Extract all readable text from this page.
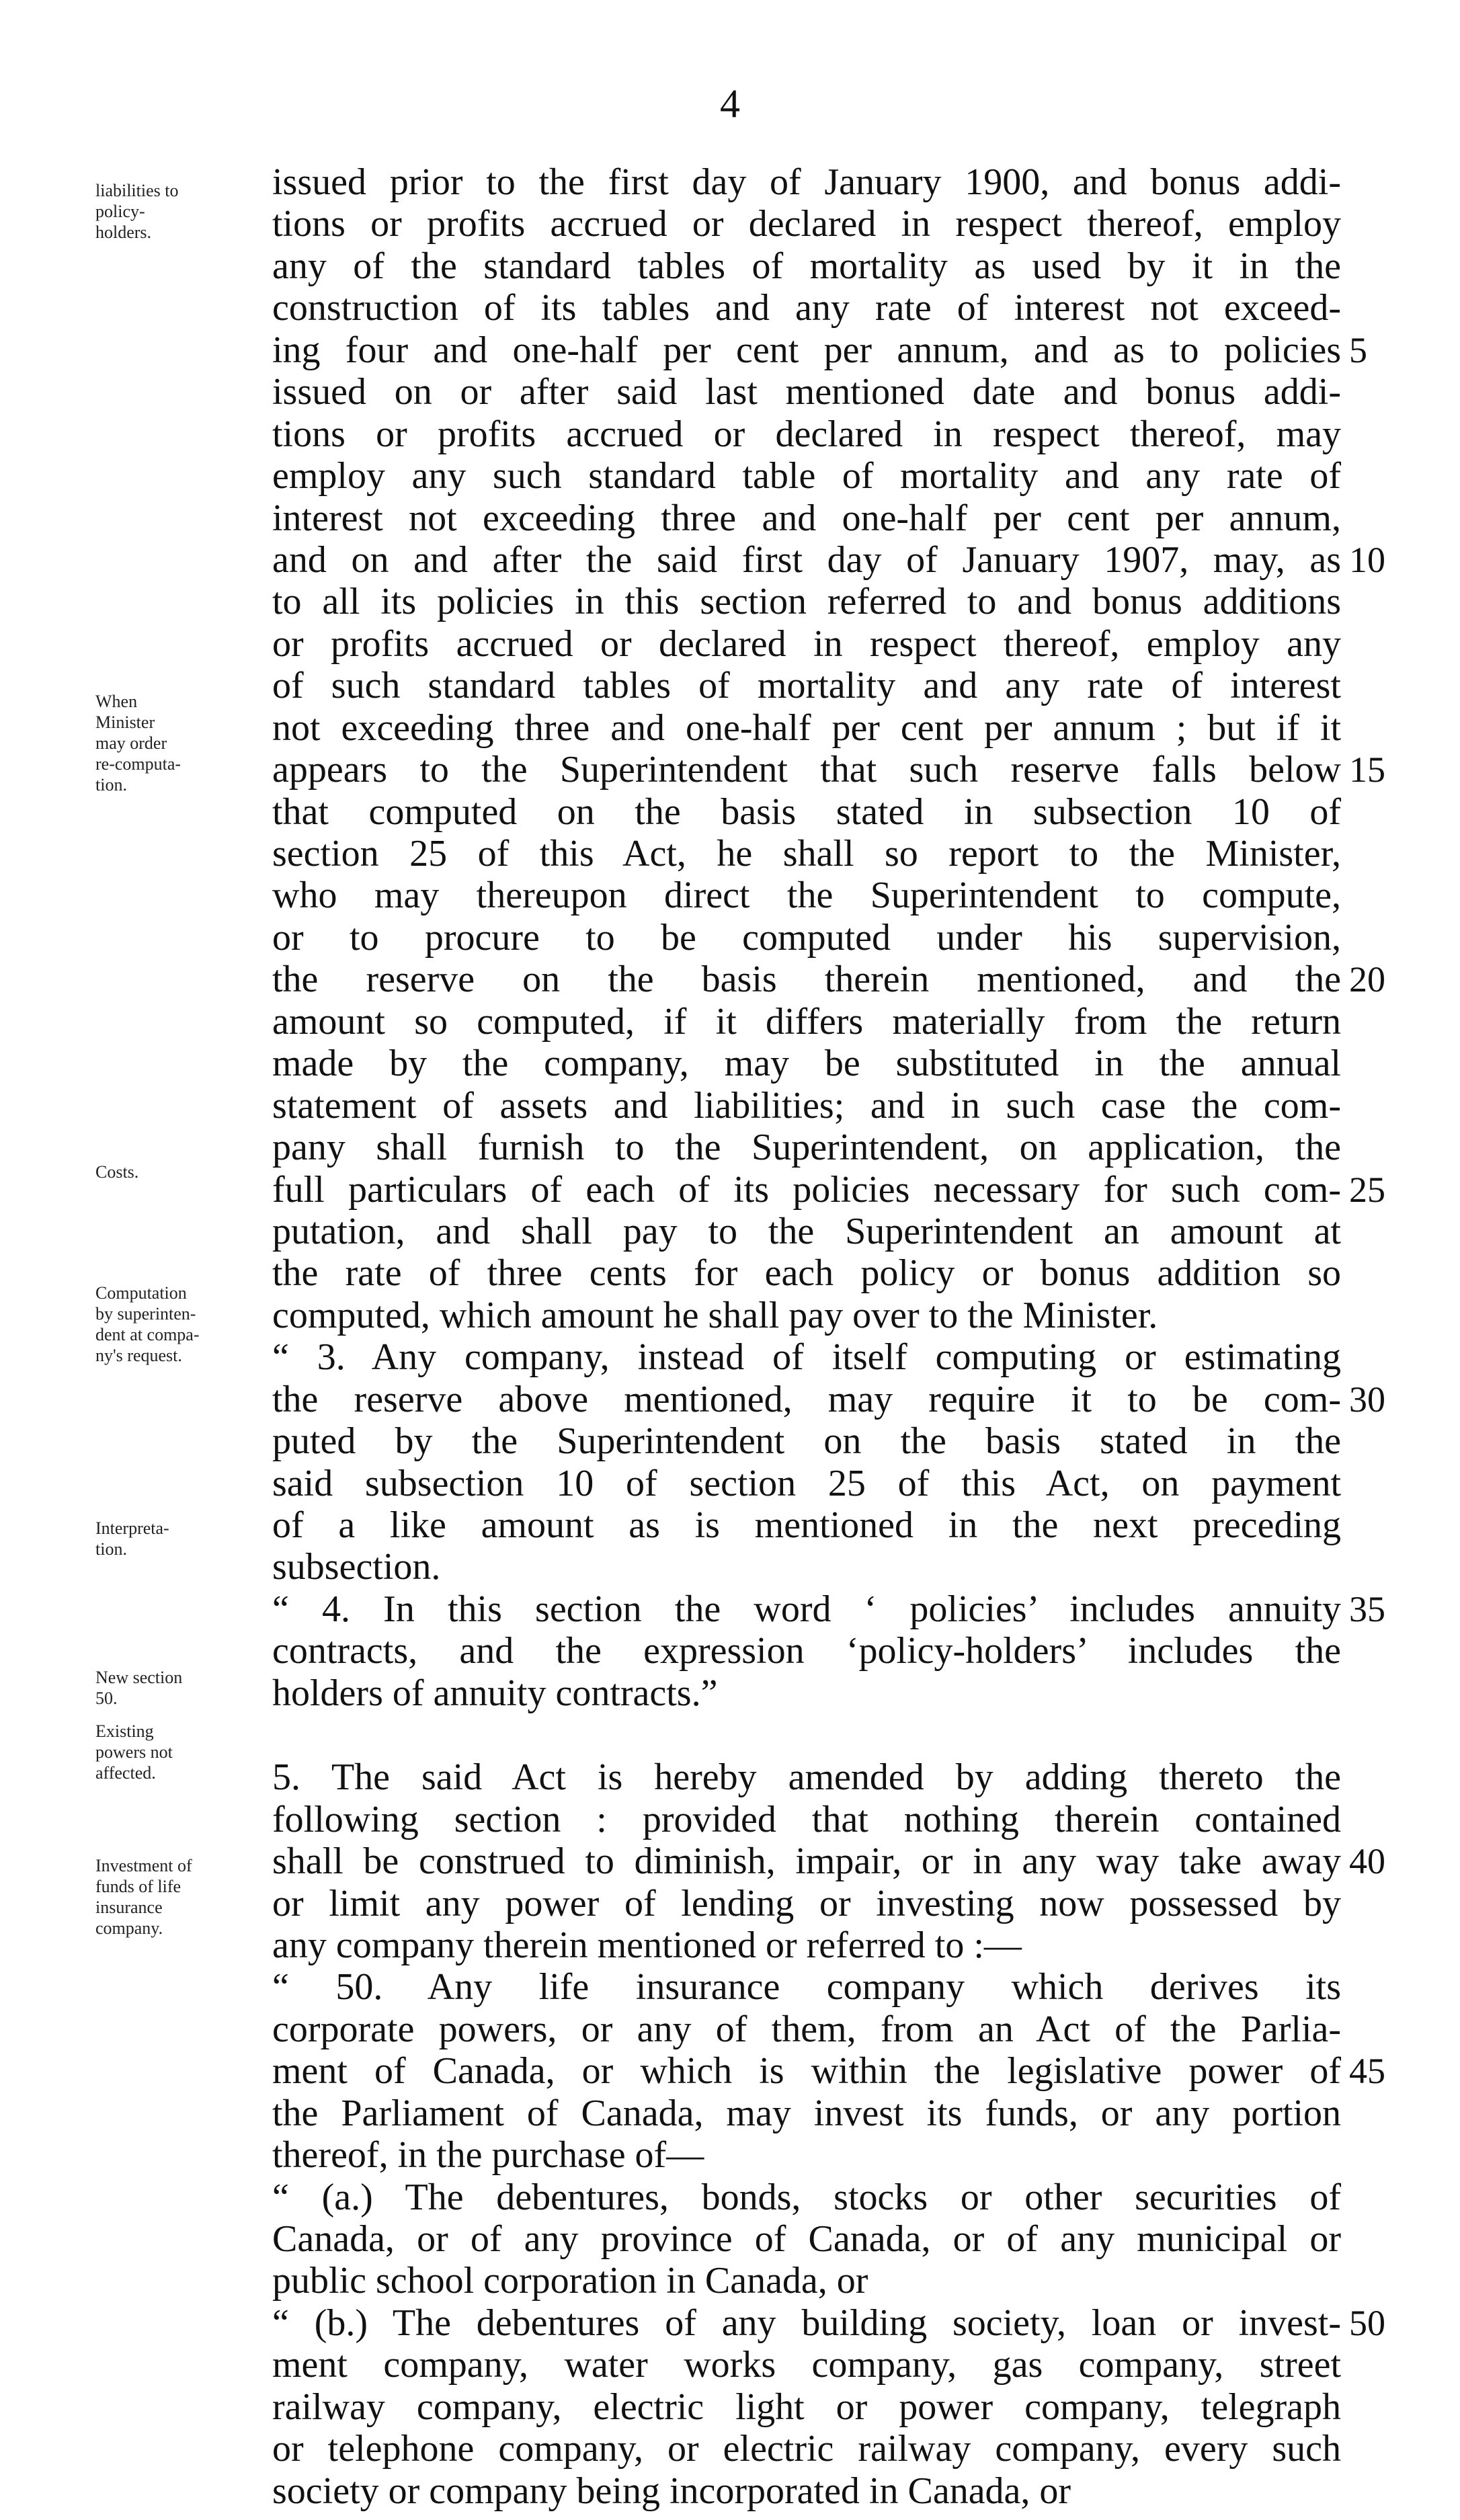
4
liabilities to
policy-
holders.
When
Minister
may order
re-computa-
tion.
Costs.
Computation
by superinten-
dent at compa-
ny's request.
Interpreta-
tion.
New section
50.
Existing
powers not
affected.
Investment of
funds of life
insurance
company.
issued prior to the first day of January 1900, and bonus addi-
tions or profits accrued or declared in respect thereof, employ
any of the standard tables of mortality as used by it in the
construction of its tables and any rate of interest not exceed-
ing four and one-half per cent per annum, and as to policies 5
issued on or after said last mentioned date and bonus addi-
tions or profits accrued or declared in respect thereof, may
employ any such standard table of mortality and any rate of
interest not exceeding three and one-half per cent per annum,
and on and after the said first day of January 1907, may, as 10
to all its policies in this section referred to and bonus additions
or profits accrued or declared in respect thereof, employ any
of such standard tables of mortality and any rate of interest
not exceeding three and one-half per cent per annum ; but if it
appears to the Superintendent that such reserve falls below 15
that computed on the basis stated in subsection 10 of
section 25 of this Act, he shall so report to the Minister,
who may thereupon direct the Superintendent to compute,
or to procure to be computed under his supervision,
the reserve on the basis therein mentioned, and the 20
amount so computed, if it differs materially from the return
made by the company, may be substituted in the annual
statement of assets and liabilities; and in such case the com-
pany shall furnish to the Superintendent, on application, the
full particulars of each of its policies necessary for such com- 25
putation, and shall pay to the Superintendent an amount at
the rate of three cents for each policy or bonus addition so
computed, which amount he shall pay over to the Minister.
“ 3. Any company, instead of itself computing or estimating
the reserve above mentioned, may require it to be com- 30
puted by the Superintendent on the basis stated in the
said subsection 10 of section 25 of this Act, on payment
of a like amount as is mentioned in the next preceding
subsection.
“ 4. In this section the word ‘ policies’ includes annuity 35
contracts, and the expression ‘policy-holders’ includes the
holders of annuity contracts.”
5. The said Act is hereby amended by adding thereto the
following section : provided that nothing therein contained
shall be construed to diminish, impair, or in any way take away 40
or limit any power of lending or investing now possessed by
any company therein mentioned or referred to :—
“ 50. Any life insurance company which derives its
corporate powers, or any of them, from an Act of the Parlia-
ment of Canada, or which is within the legislative power of 45
the Parliament of Canada, may invest its funds, or any portion
thereof, in the purchase of—
“ (a.) The debentures, bonds, stocks or other securities of
Canada, or of any province of Canada, or of any municipal or
public school corporation in Canada, or
“ (b.) The debentures of any building society, loan or invest- 50
ment company, water works company, gas company, street
railway company, electric light or power company, telegraph
or telephone company, or electric railway company, every such
society or company being incorporated in Canada, or
